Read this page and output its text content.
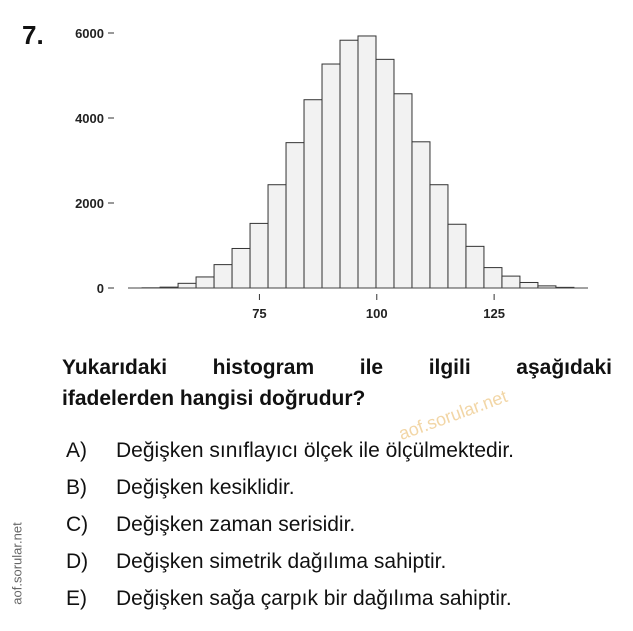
7.
0
2000
4000
6000
75	100	125
Yukarıdaki histogram ile ilgili aşağıdaki
ifadelerden hangisi doğrudur?	aof.sorular.net
aof.sorular.net
A)	Değişken sınıflayıcı ölçek ile ölçülmektedir.
B)	Değişken kesiklidir.
C)	Değişken zaman serisidir.
D)	Değişken simetrik dağılıma sahiptir.
E)	Değişken sağa çarpık bir dağılıma sahiptir.
